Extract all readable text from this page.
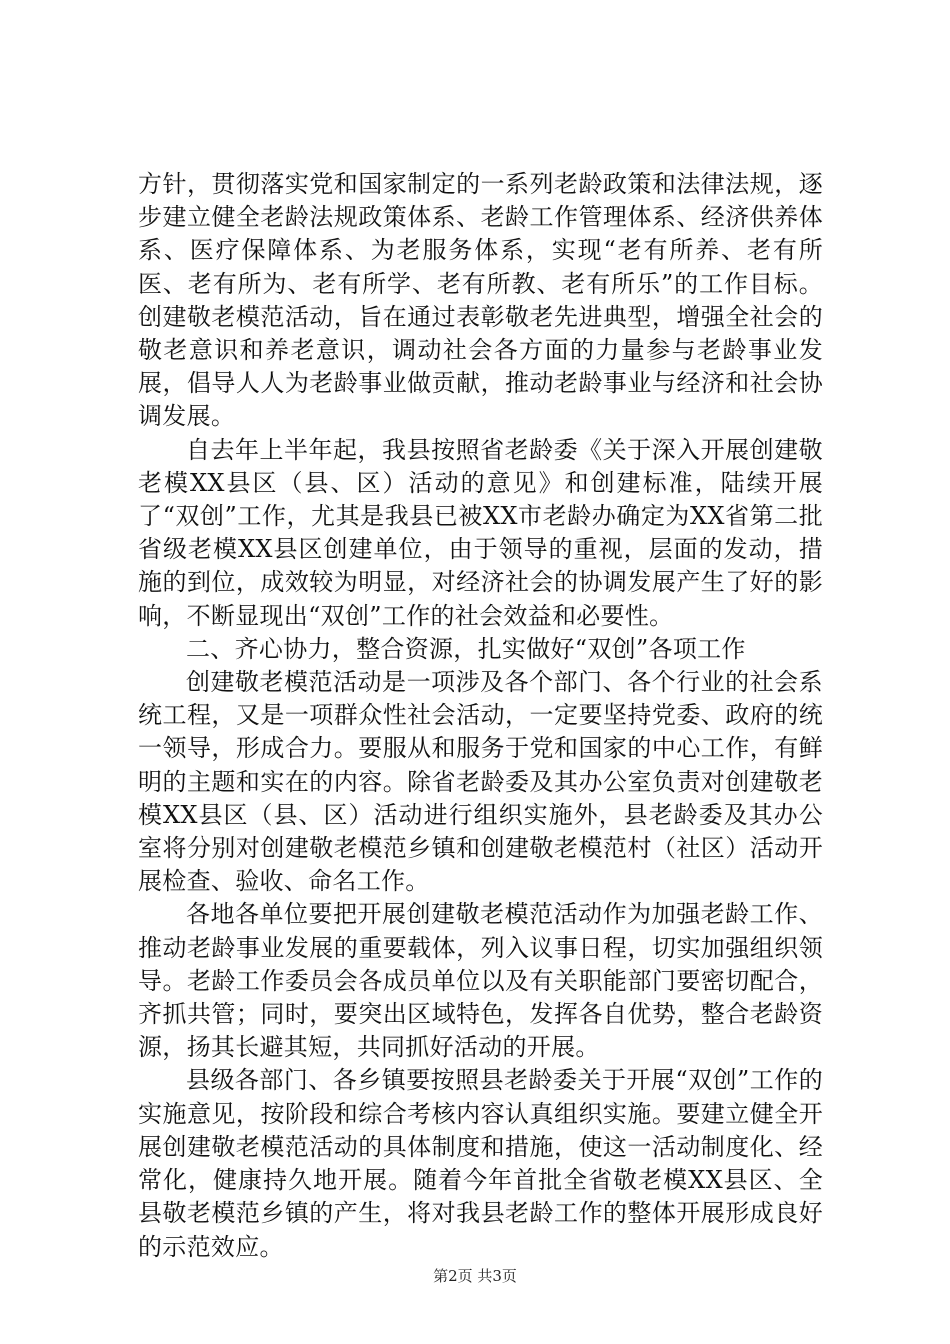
方针，贯彻落实党和国家制定的一系列老龄政策和法律法规，逐步建立健全老龄法规政策体系、老龄工作管理体系、经济供养体系、医疗保障体系、为老服务体系，实现“老有所养、老有所医、老有所为、老有所学、老有所教、老有所乐”的工作目标。创建敬老模范活动，旨在通过表彰敬老先进典型，增强全社会的敬老意识和养老意识，调动社会各方面的力量参与老龄事业发展，倡导人人为老龄事业做贡献，推动老龄事业与经济和社会协调发展。

自去年上半年起，我县按照省老龄委《关于深入开展创建敬老模XX县区（县、区）活动的意见》和创建标准，陆续开展了“双创”工作，尤其是我县已被XX市老龄办确定为XX省第二批省级老模XX县区创建单位，由于领导的重视，层面的发动，措施的到位，成效较为明显，对经济社会的协调发展产生了好的影响，不断显现出“双创”工作的社会效益和必要性。

二、齐心协力，整合资源，扎实做好“双创”各项工作

创建敬老模范活动是一项涉及各个部门、各个行业的社会系统工程，又是一项群众性社会活动，一定要坚持党委、政府的统一领导，形成合力。要服从和服务于党和国家的中心工作，有鲜明的主题和实在的内容。除省老龄委及其办公室负责对创建敬老模XX县区（县、区）活动进行组织实施外，县老龄委及其办公室将分别对创建敬老模范乡镇和创建敬老模范村（社区）活动开展检查、验收、命名工作。

各地各单位要把开展创建敬老模范活动作为加强老龄工作、推动老龄事业发展的重要载体，列入议事日程，切实加强组织领导。老龄工作委员会各成员单位以及有关职能部门要密切配合，齐抓共管；同时，要突出区域特色，发挥各自优势，整合老龄资源，扬其长避其短，共同抓好活动的开展。

县级各部门、各乡镇要按照县老龄委关于开展“双创”工作的实施意见，按阶段和综合考核内容认真组织实施。要建立健全开展创建敬老模范活动的具体制度和措施，使这一活动制度化、经常化，健康持久地开展。随着今年首批全省敬老模XX县区、全县敬老模范乡镇的产生，将对我县老龄工作的整体开展形成良好的示范效应。

第2页 共3页
